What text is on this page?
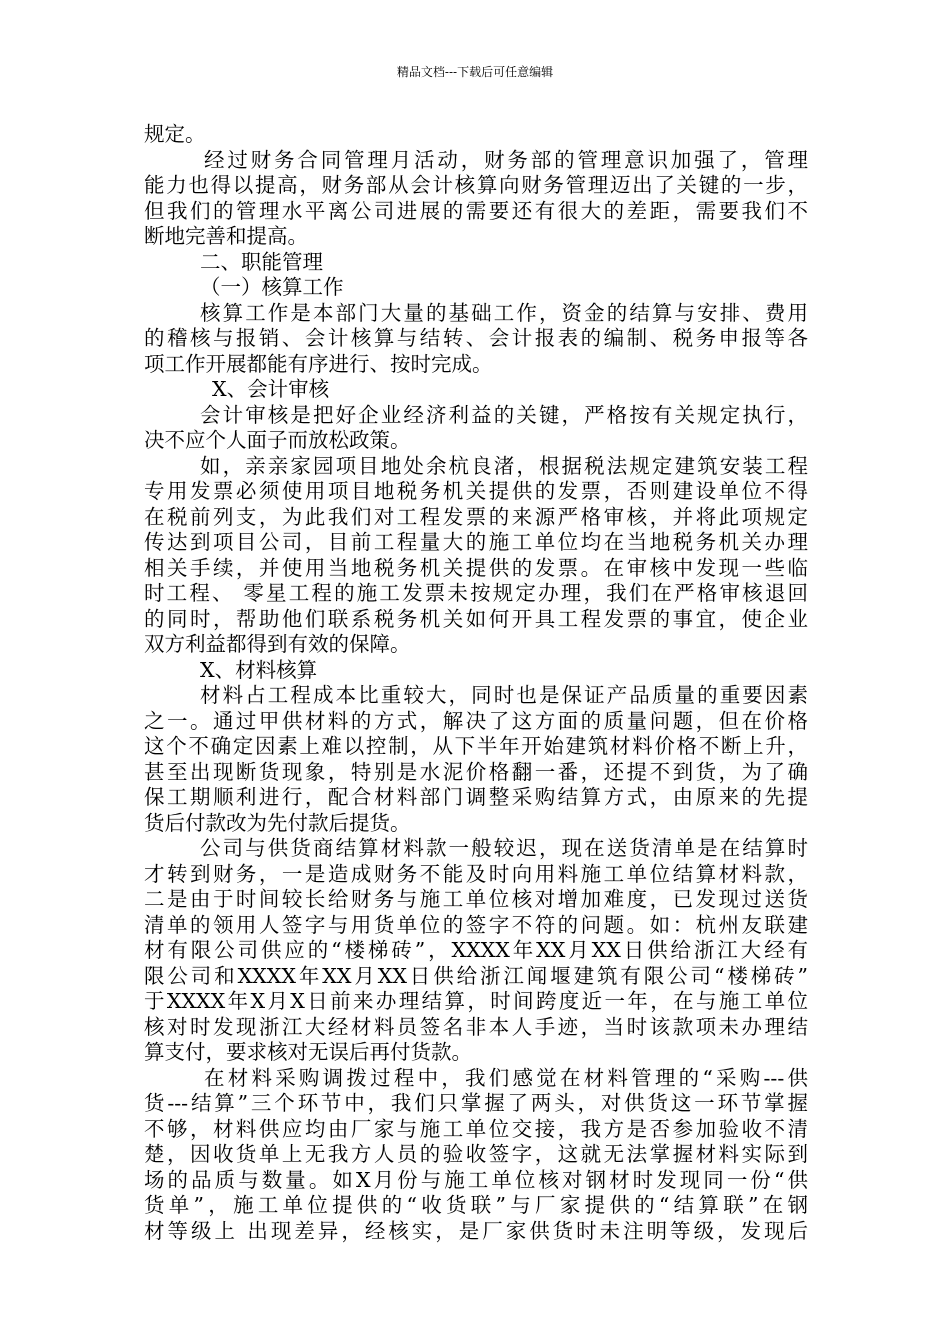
精品文档---下载后可任意编辑
规定。
经过财务合同管理月活动，财务部的管理意识加强了，管理
能力也得以提高，财务部从会计核算向财务管理迈出了关键的一步，
但我们的管理水平离公司进展的需要还有很大的差距，需要我们不
断地完善和提高。
二、职能管理
（一）核算工作
核算工作是本部门大量的基础工作，资金的结算与安排、费用
的稽核与报销、会计核算与结转、会计报表的编制、税务申报等各
项工作开展都能有序进行、按时完成。
X、会计审核
会计审核是把好企业经济利益的关键，严格按有关规定执行，
决不应个人面子而放松政策。
如，亲亲家园项目地处余杭良渚，根据税法规定建筑安装工程
专用发票必须使用项目地税务机关提供的发票，否则建设单位不得
在税前列支，为此我们对工程发票的来源严格审核，并将此项规定
传达到项目公司，目前工程量大的施工单位均在当地税务机关办理
相关手续，并使用当地税务机关提供的发票。在审核中发现一些临
时工程、 零星工程的施工发票未按规定办理，我们在严格审核退回
的同时，帮助他们联系税务机关如何开具工程发票的事宜，使企业
双方利益都得到有效的保障。
X、材料核算
材料占工程成本比重较大，同时也是保证产品质量的重要因素
之一。通过甲供材料的方式，解决了这方面的质量问题，但在价格
这个不确定因素上难以控制，从下半年开始建筑材料价格不断上升，
甚至出现断货现象，特别是水泥价格翻一番，还提不到货，为了确
保工期顺利进行，配合材料部门调整采购结算方式，由原来的先提
货后付款改为先付款后提货。
公司与供货商结算材料款一般较迟，现在送货清单是在结算时
才转到财务，一是造成财务不能及时向用料施工单位结算材料款，
二是由于时间较长给财务与施工单位核对增加难度，已发现过送货
清单的领用人签字与用货单位的签字不符的问题。如：杭州友联建
材有限公司供应的“楼梯砖”，XXXX年XX月XX日供给浙江大经有
限公司和XXXX年XX月XX日供给浙江闻堰建筑有限公司“楼梯砖”
于XXXX年X月X日前来办理结算，时间跨度近一年，在与施工单位
核对时发现浙江大经材料员签名非本人手迹，当时该款项未办理结
算支付，要求核对无误后再付货款。
在材料采购调拨过程中，我们感觉在材料管理的“采购---供
货---结算”三个环节中，我们只掌握了两头，对供货这一环节掌握
不够，材料供应均由厂家与施工单位交接，我方是否参加验收不清
楚，因收货单上无我方人员的验收签字，这就无法掌握材料实际到
场的品质与数量。如X月份与施工单位核对钢材时发现同一份“供
货单”，施工单位提供的“收货联”与厂家提供的“结算联”在钢
材等级上 出现差异，经核实，是厂家供货时未注明等级，发现后
